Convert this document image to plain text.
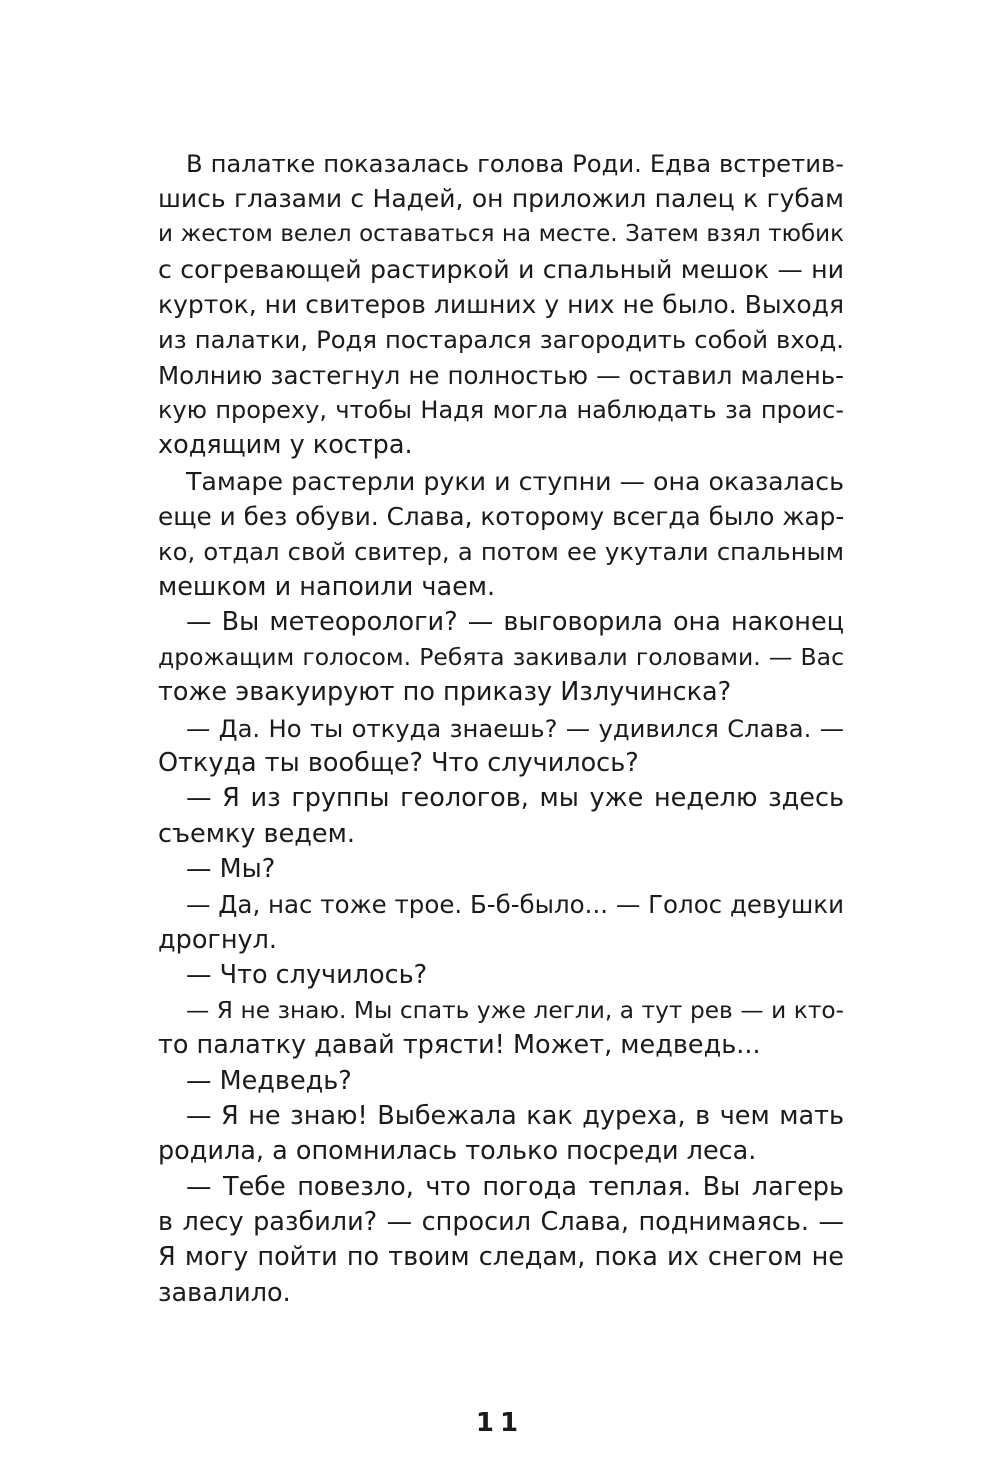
В палатке показалась голова Роди. Едва встретив-
шись глазами с Надей, он приложил палец к губам
и жестом велел оставаться на месте. Затем взял тюбик
с согревающей растиркой и спальный мешок — ни
курток, ни свитеров лишних у них не было. Выходя
из палатки, Родя постарался загородить собой вход.
Молнию застегнул не полностью — оставил малень-
кую прореху, чтобы Надя могла наблюдать за проис-
ходящим у костра.
Тамаре растерли руки и ступни — она оказалась
еще и без обуви. Слава, которому всегда было жар-
ко, отдал свой свитер, а потом ее укутали спальным
мешком и напоили чаем.
— Вы метеорологи? — выговорила она наконец
дрожащим голосом. Ребята закивали головами. — Вас
тоже эвакуируют по приказу Излучинска?
— Да. Но ты откуда знаешь? — удивился Слава. —
Откуда ты вообще? Что случилось?
— Я из группы геологов, мы уже неделю здесь
съемку ведем.
— Мы?
— Да, нас тоже трое. Б-б-было... — Голос девушки
дрогнул.
— Что случилось?
— Я не знаю. Мы спать уже легли, а тут рев — и кто-
то палатку давай трясти! Может, медведь...
— Медведь?
— Я не знаю! Выбежала как дуреха, в чем мать
родила, а опомнилась только посреди леса.
— Тебе повезло, что погода теплая. Вы лагерь
в лесу разбили? — спросил Слава, поднимаясь. —
Я могу пойти по твоим следам, пока их снегом не
завалило.
11
